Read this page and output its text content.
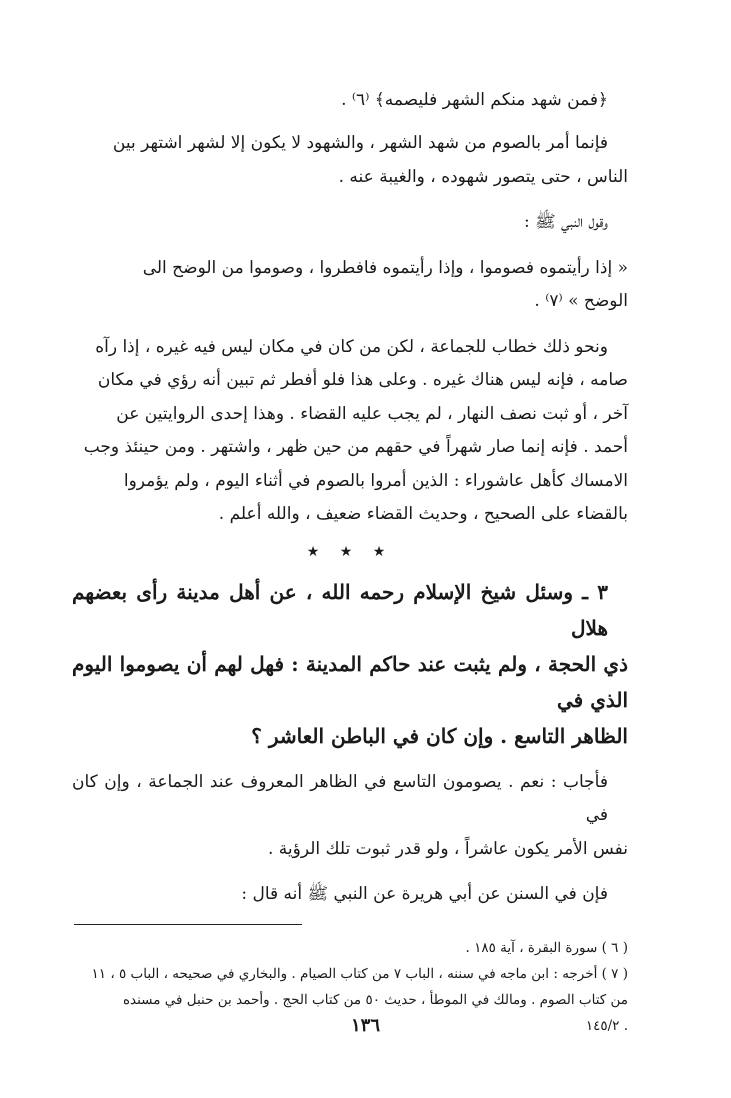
﴿فمن شهد منكم الشهر فليصمه﴾ ⁽٦⁾ .

فإنما أمر بالصوم من شهد الشهر ، والشهود لا يكون إلا لشهر اشتهر بين

الناس ، حتى يتصور شهوده ، والغيبة عنه .

وقول النبي ﷺ :

« إذا رأيتموه فصوموا ، وإذا رأيتموه فافطروا ، وصوموا من الوضح الى

الوضح » ⁽٧⁾ .

ونحو ذلك خطاب للجماعة ، لكن من كان في مكان ليس فيه غيره ، إذا رآه

صامه ، فإنه ليس هناك غيره . وعلى هذا فلو أفطر ثم تبين أنه رؤي في مكان

آخر ، أو ثبت نصف النهار ، لم يجب عليه القضاء . وهذا إحدى الروايتين عن

أحمد . فإنه إنما صار شهراً في حقهم من حين ظهر ، واشتهر . ومن حينئذ وجب

الامساك كأهل عاشوراء : الذين أمروا بالصوم في أثناء اليوم ، ولم يؤمروا

بالقضاء على الصحيح ، وحديث القضاء ضعيف ، والله أعلم .

★ ★ ★

٣ ـ وسئل شيخ الإسلام رحمه الله ، عن أهل مدينة رأى بعضهم هلال

ذي الحجة ، ولم يثبت عند حاكم المدينة : فهل لهم أن يصوموا اليوم الذي في

الظاهر التاسع . وإن كان في الباطن العاشر ؟

فأجاب : نعم . يصومون التاسع في الظاهر المعروف عند الجماعة ، وإن كان في

نفس الأمر يكون عاشراً ، ولو قدر ثبوت تلك الرؤية .

فإن في السنن عن أبي هريرة عن النبي ﷺ أنه قال :

( ٦ ) سورة البقرة ، آية ١٨٥ .

( ٧ ) أخرجه : ابن ماجه في سننه ، الباب ٧ من كتاب الصيام . والبخاري في صحيحه ، الباب ٥ ، ١١

من كتاب الصوم . ومالك في الموطأ ، حديث ٥٠ من كتاب الحج . وأحمد بن حنبل في مسنده

. ١٤٥/٢

١٣٦
